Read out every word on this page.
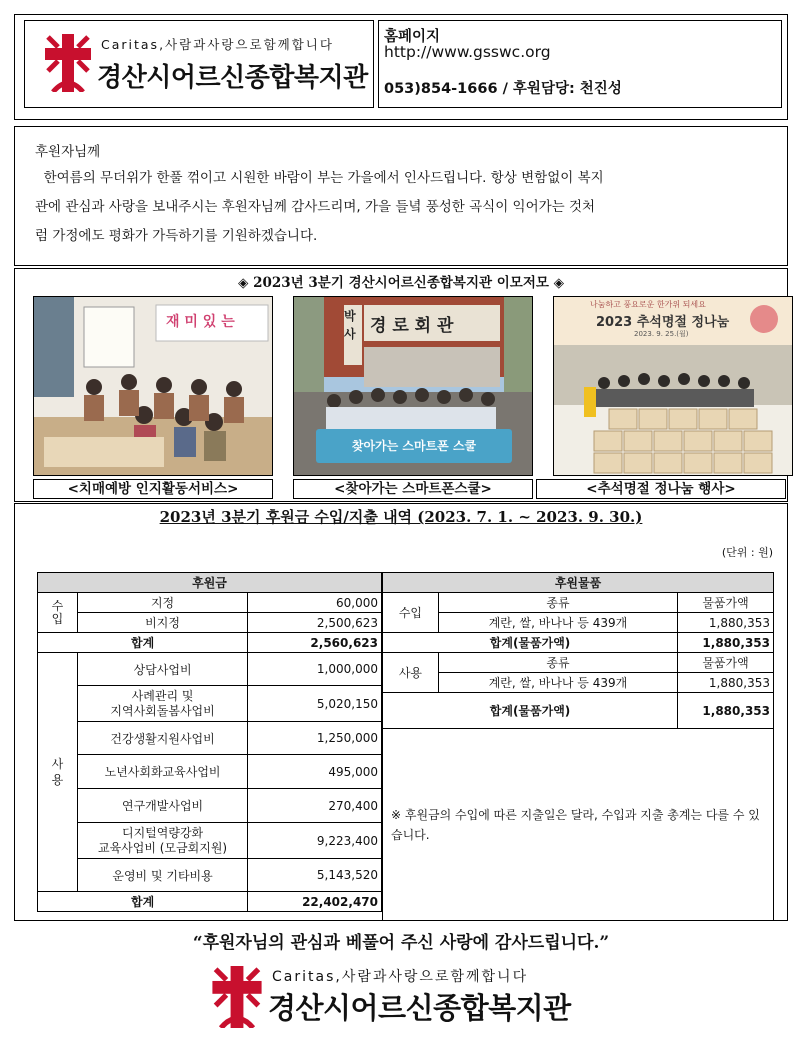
Caritas,사람과사랑으로함께합니다
경산시어르신종합복지관
홈페이지
http://www.gsswc.org
053)854-1666 / 후원담당: 천진성
후원자님께
한여름의 무더위가 한풀 꺾이고 시원한 바람이 부는 가을에서 인사드립니다. 항상 변함없이 복지
관에 관심과 사랑을 보내주시는 후원자님께 감사드리며, 가을 들녘 풍성한 곡식이 익어가는 것처
럼 가정에도 평화가 가득하기를 기원하겠습니다.
◈ 2023년 3분기 경산시어르신종합복지관 이모저모 ◈
재 미 있 는	박 사 경 로 회 관
찾아가는 스마트폰 스쿨
나눔하고 풍요로운 한가위 되세요
2023 추석명절 정나눔
2023. 9. 25.(월)
<치매예방 인지활동서비스>	<찾아가는 스마트폰스쿨>	<추석명절 정나눔 행사>
2023년 3분기 후원금 수입/지출 내역 (2023. 7. 1. ~ 2023. 9. 30.)
(단위 : 원)
후원금		
수입	지정	60,000
	비지정	2,500,623
합계		2,560,623
사용	상담사업비	1,000,000
	사례관리 및
지역사회돌봄사업비	5,020,150
	건강생활지원사업비	1,250,000
	노년사회화교육사업비	495,000
	연구개발사업비	270,400
	디지털역량강화
교육사업비 (모금회지원)	9,223,400
	운영비 및 기타비용	5,143,520
합계		22,402,470
후원물품		
수입	종류	물품가액
	계란, 쌀, 바나나 등 439개	1,880,353
합계(물품가액)		1,880,353
사용	종류	물품가액
	계란, 쌀, 바나나 등 439개	1,880,353
합계(물품가액)		1,880,353
※ 후원금의 수입에 따른 지출일은 달라, 수입과 지출 총계는 다를 수 있습니다.		
“후원자님의 관심과 베풀어 주신 사랑에 감사드립니다.”
Caritas,사람과사랑으로함께합니다
경산시어르신종합복지관
